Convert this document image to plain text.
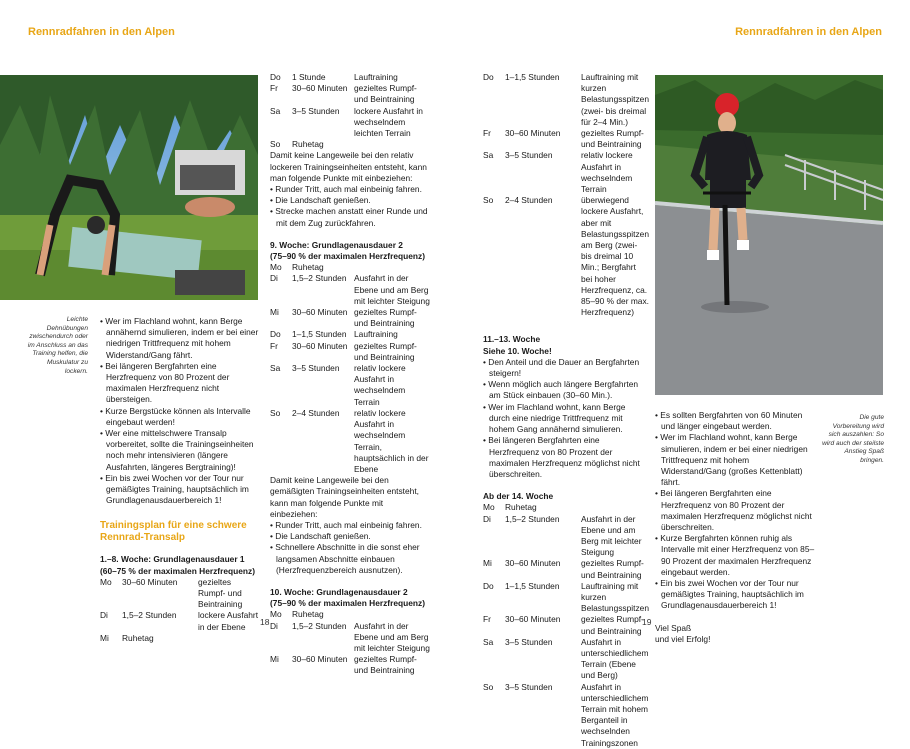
Rennradfahren in den Alpen	Rennradfahren in den Alpen
Leichte Dehnübungen zwischendurch oder im Anschluss an das Training helfen, die Muskulatur zu lockern.
• Wer im Flachland wohnt, kann Berge annähernd simulieren, indem er bei einer niedrigen Trittfrequenz mit hohem Widerstand/Gang fährt.
• Bei längeren Bergfahrten eine Herzfrequenz von 80 Prozent der maximalen Herzfrequenz nicht übersteigen.
• Kurze Bergstücke können als Intervalle eingebaut werden!
• Wer eine mittelschwere Transalp vorbereitet, sollte die Trainingseinheiten noch mehr intensivieren (längere Ausfahrten, längeres Bergtraining)!
• Ein bis zwei Wochen vor der Tour nur gemäßigtes Training, hauptsächlich im Grundlagenausdauerbereich 1!
Trainingsplan für eine schwere Rennrad-Transalp
1.–8. Woche: Grundlagenausdauer 1
(60–75 % der maximalen Herzfrequenz)
Mo	30–60 Minuten	gezieltes Rumpf- und Beintraining
Di	1,5–2 Stunden	lockere Ausfahrt in der Ebene
Mi	Ruhetag
18
Do	1 Stunde	Lauftraining
Fr	30–60 Minuten gezieltes Rumpf- und Beintraining
Sa	3–5 Stunden	lockere Ausfahrt in wechselndem leichten Terrain
So	Ruhetag

Damit keine Langeweile bei den relativ lockeren Trainingseinheiten entsteht, kann man folgende Punkte mit einbeziehen:

• Runder Tritt, auch mal einbeinig fahren.
• Die Landschaft genießen.
• Strecke machen anstatt einer Runde und mit dem Zug zurückfahren.
9. Woche: Grundlagenausdauer 2
(75–90 % der maximalen Herzfrequenz)
Mo	Ruhetag
Di	1,5–2 Stunden Ausfahrt in der Ebene und am Berg mit leichter Steigung
Mi	30–60 Minuten gezieltes Rumpf- und Beintraining
Do	1–1,5 Stunden Lauftraining
Fr	30–60 Minuten gezieltes Rumpf- und Beintraining
Sa	3–5 Stunden	relativ lockere Ausfahrt in wechselndem Terrain
So	2–4 Stunden	relativ lockere Ausfahrt in wechselndem Terrain, hauptsächlich in der Ebene

Damit keine Langeweile bei den gemäßigten Trainingseinheiten entsteht, kann man folgende Punkte mit einbeziehen:

• Runder Tritt, auch mal einbeinig fahren.
• Die Landschaft genießen.
• Schnellere Abschnitte in die sonst eher langsamen Abschnitte einbauen (Herzfrequenzbereich ausnutzen).
10. Woche: Grundlagenausdauer 2
(75–90 % der maximalen Herzfrequenz)
Mo	Ruhetag
Di	1,5–2 Stunden Ausfahrt in der Ebene und am Berg mit leichter Steigung
Mi	30–60 Minuten gezieltes Rumpf- und Beintraining
Do	1–1,5 Stunden	Lauftraining mit kurzen Belastungsspitzen (zwei- bis dreimal für 2–4 Min.)
Fr	30–60 Minuten	gezieltes Rumpf- und Beintraining
Sa	3–5 Stunden	relativ lockere Ausfahrt in wechselndem Terrain
So	2–4 Stunden	überwiegend lockere Ausfahrt, aber mit Belastungsspitzen am Berg (zwei- bis dreimal 10 Min.; Bergfahrt bei hoher Herzfrequenz, ca. 85–90 % der max. Herzfrequenz)
11.–13. Woche
Siehe 10. Woche!
• Den Anteil und die Dauer an Bergfahrten steigern!
• Wenn möglich auch längere Bergfahrten am Stück einbauen (30–60 Min.).
• Wer im Flachland wohnt, kann Berge durch eine niedrige Trittfrequenz mit hohem Gang annähernd simulieren.
• Bei längeren Bergfahrten eine Herzfrequenz von 80 Prozent der maximalen Herzfrequenz möglichst nicht überschreiten.
Ab der 14. Woche
Mo	Ruhetag
Di	1,5–2 Stunden	Ausfahrt in der Ebene und am Berg mit leichter Steigung
Mi	30–60 Minuten	gezieltes Rumpf- und Beintraining
Do	1–1,5 Stunden	Lauftraining mit kurzen Belastungsspitzen
Fr	30–60 Minuten	gezieltes Rumpf- und Beintraining
Sa	3–5 Stunden	Ausfahrt in unterschiedlichem Terrain (Ebene und Berg)
So	3–5 Stunden	Ausfahrt in unterschiedlichem Terrain mit hohem Berganteil in wechselnden Trainingszonen
19
Die gute Vorbereitung wird sich auszahlen: So wird auch der steilste Anstieg Spaß bringen.
• Es sollten Bergfahrten von 60 Minuten und länger eingebaut werden.
• Wer im Flachland wohnt, kann Berge simulieren, indem er bei einer niedrigen Trittfrequenz mit hohem Widerstand/Gang (großes Kettenblatt) fährt.
• Bei längeren Bergfahrten eine Herzfrequenz von 80 Prozent der maximalen Herzfrequenz möglichst nicht überschreiten.
• Kurze Bergfahrten können ruhig als Intervalle mit einer Herzfrequenz von 85–90 Prozent der maximalen Herzfrequenz eingebaut werden.
• Ein bis zwei Wochen vor der Tour nur gemäßigtes Training, hauptsächlich im Grundlagenausdauerbereich 1!

Viel Spaß

und viel Erfolg!
